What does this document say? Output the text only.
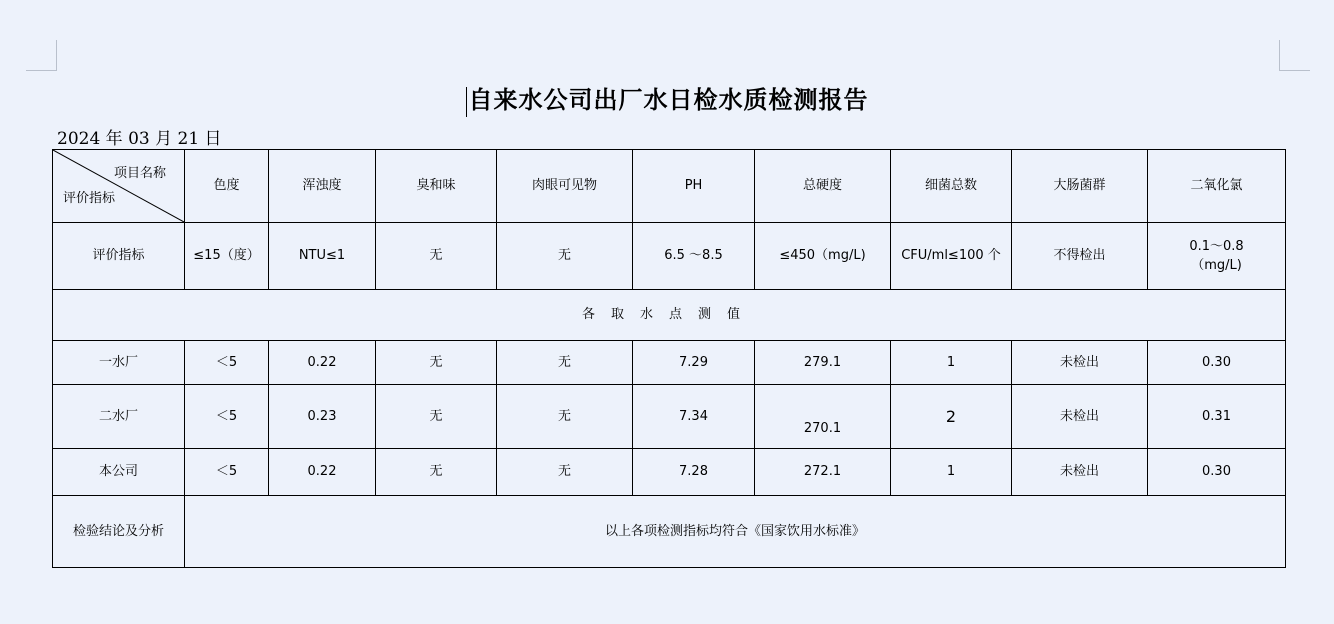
自来水公司出厂水日检水质检测报告
2024 年 03 月 21 日
项目名称
评价指标	色度	浑浊度	臭和味	肉眼可见物	PH	总硬度	细菌总数	大肠菌群	二氧化氯
评价指标	≤15（度）	NTU≤1	无	无	6.5 ～8.5	≤450（mg/L)	CFU/ml≤100 个	不得检出	0.1～0.8
（mg/L)
各取水点测值									
一水厂	＜5	0.22	无	无	7.29	279.1	1	未检出	0.30
二水厂	＜5	0.23	无	无	7.34	270.1	2	未检出	0.31
本公司	＜5	0.22	无	无	7.28	272.1	1	未检出	0.30
检验结论及分析	以上各项检测指标均符合《国家饮用水标准》								
